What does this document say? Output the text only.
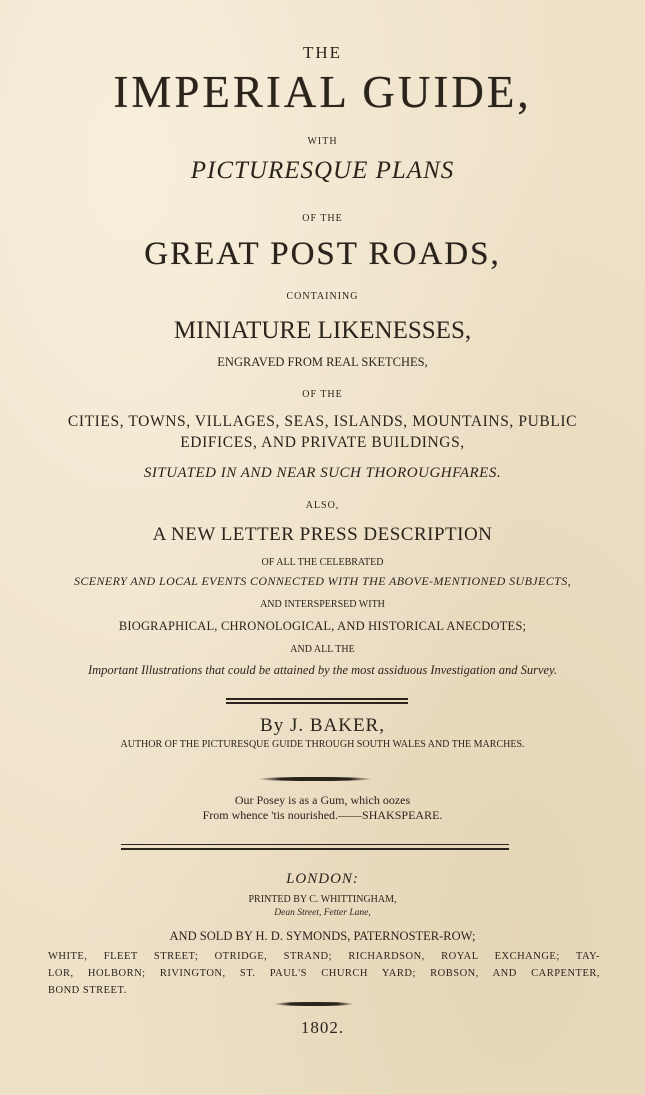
THE
IMPERIAL GUIDE,
WITH
PICTURESQUE PLANS
OF THE
GREAT POST ROADS,
CONTAINING
MINIATURE LIKENESSES,
ENGRAVED FROM REAL SKETCHES,
OF THE
CITIES, TOWNS, VILLAGES, SEAS, ISLANDS, MOUNTAINS, PUBLIC
EDIFICES, AND PRIVATE BUILDINGS,
SITUATED IN AND NEAR SUCH THOROUGHFARES.
ALSO,
A NEW LETTER PRESS DESCRIPTION
OF ALL THE CELEBRATED
SCENERY AND LOCAL EVENTS CONNECTED WITH THE ABOVE-MENTIONED SUBJECTS,
AND INTERSPERSED WITH
BIOGRAPHICAL, CHRONOLOGICAL, AND HISTORICAL ANECDOTES;
AND ALL THE
Important Illustrations that could be attained by the most assiduous Investigation and Survey.
By J. BAKER,
AUTHOR OF THE PICTURESQUE GUIDE THROUGH SOUTH WALES AND THE MARCHES.
Our Posey is as a Gum, which oozes
From whence 'tis nourished.——SHAKSPEARE.
LONDON:
PRINTED BY C. WHITTINGHAM,
Dean Street, Fetter Lane,
AND SOLD BY H. D. SYMONDS, PATERNOSTER-ROW;
WHITE, FLEET STREET; OTRIDGE, STRAND; RICHARDSON, ROYAL EXCHANGE; TAY-
LOR, HOLBORN; RIVINGTON, ST. PAUL'S CHURCH YARD; ROBSON, AND CARPENTER,
BOND STREET.
1802.
